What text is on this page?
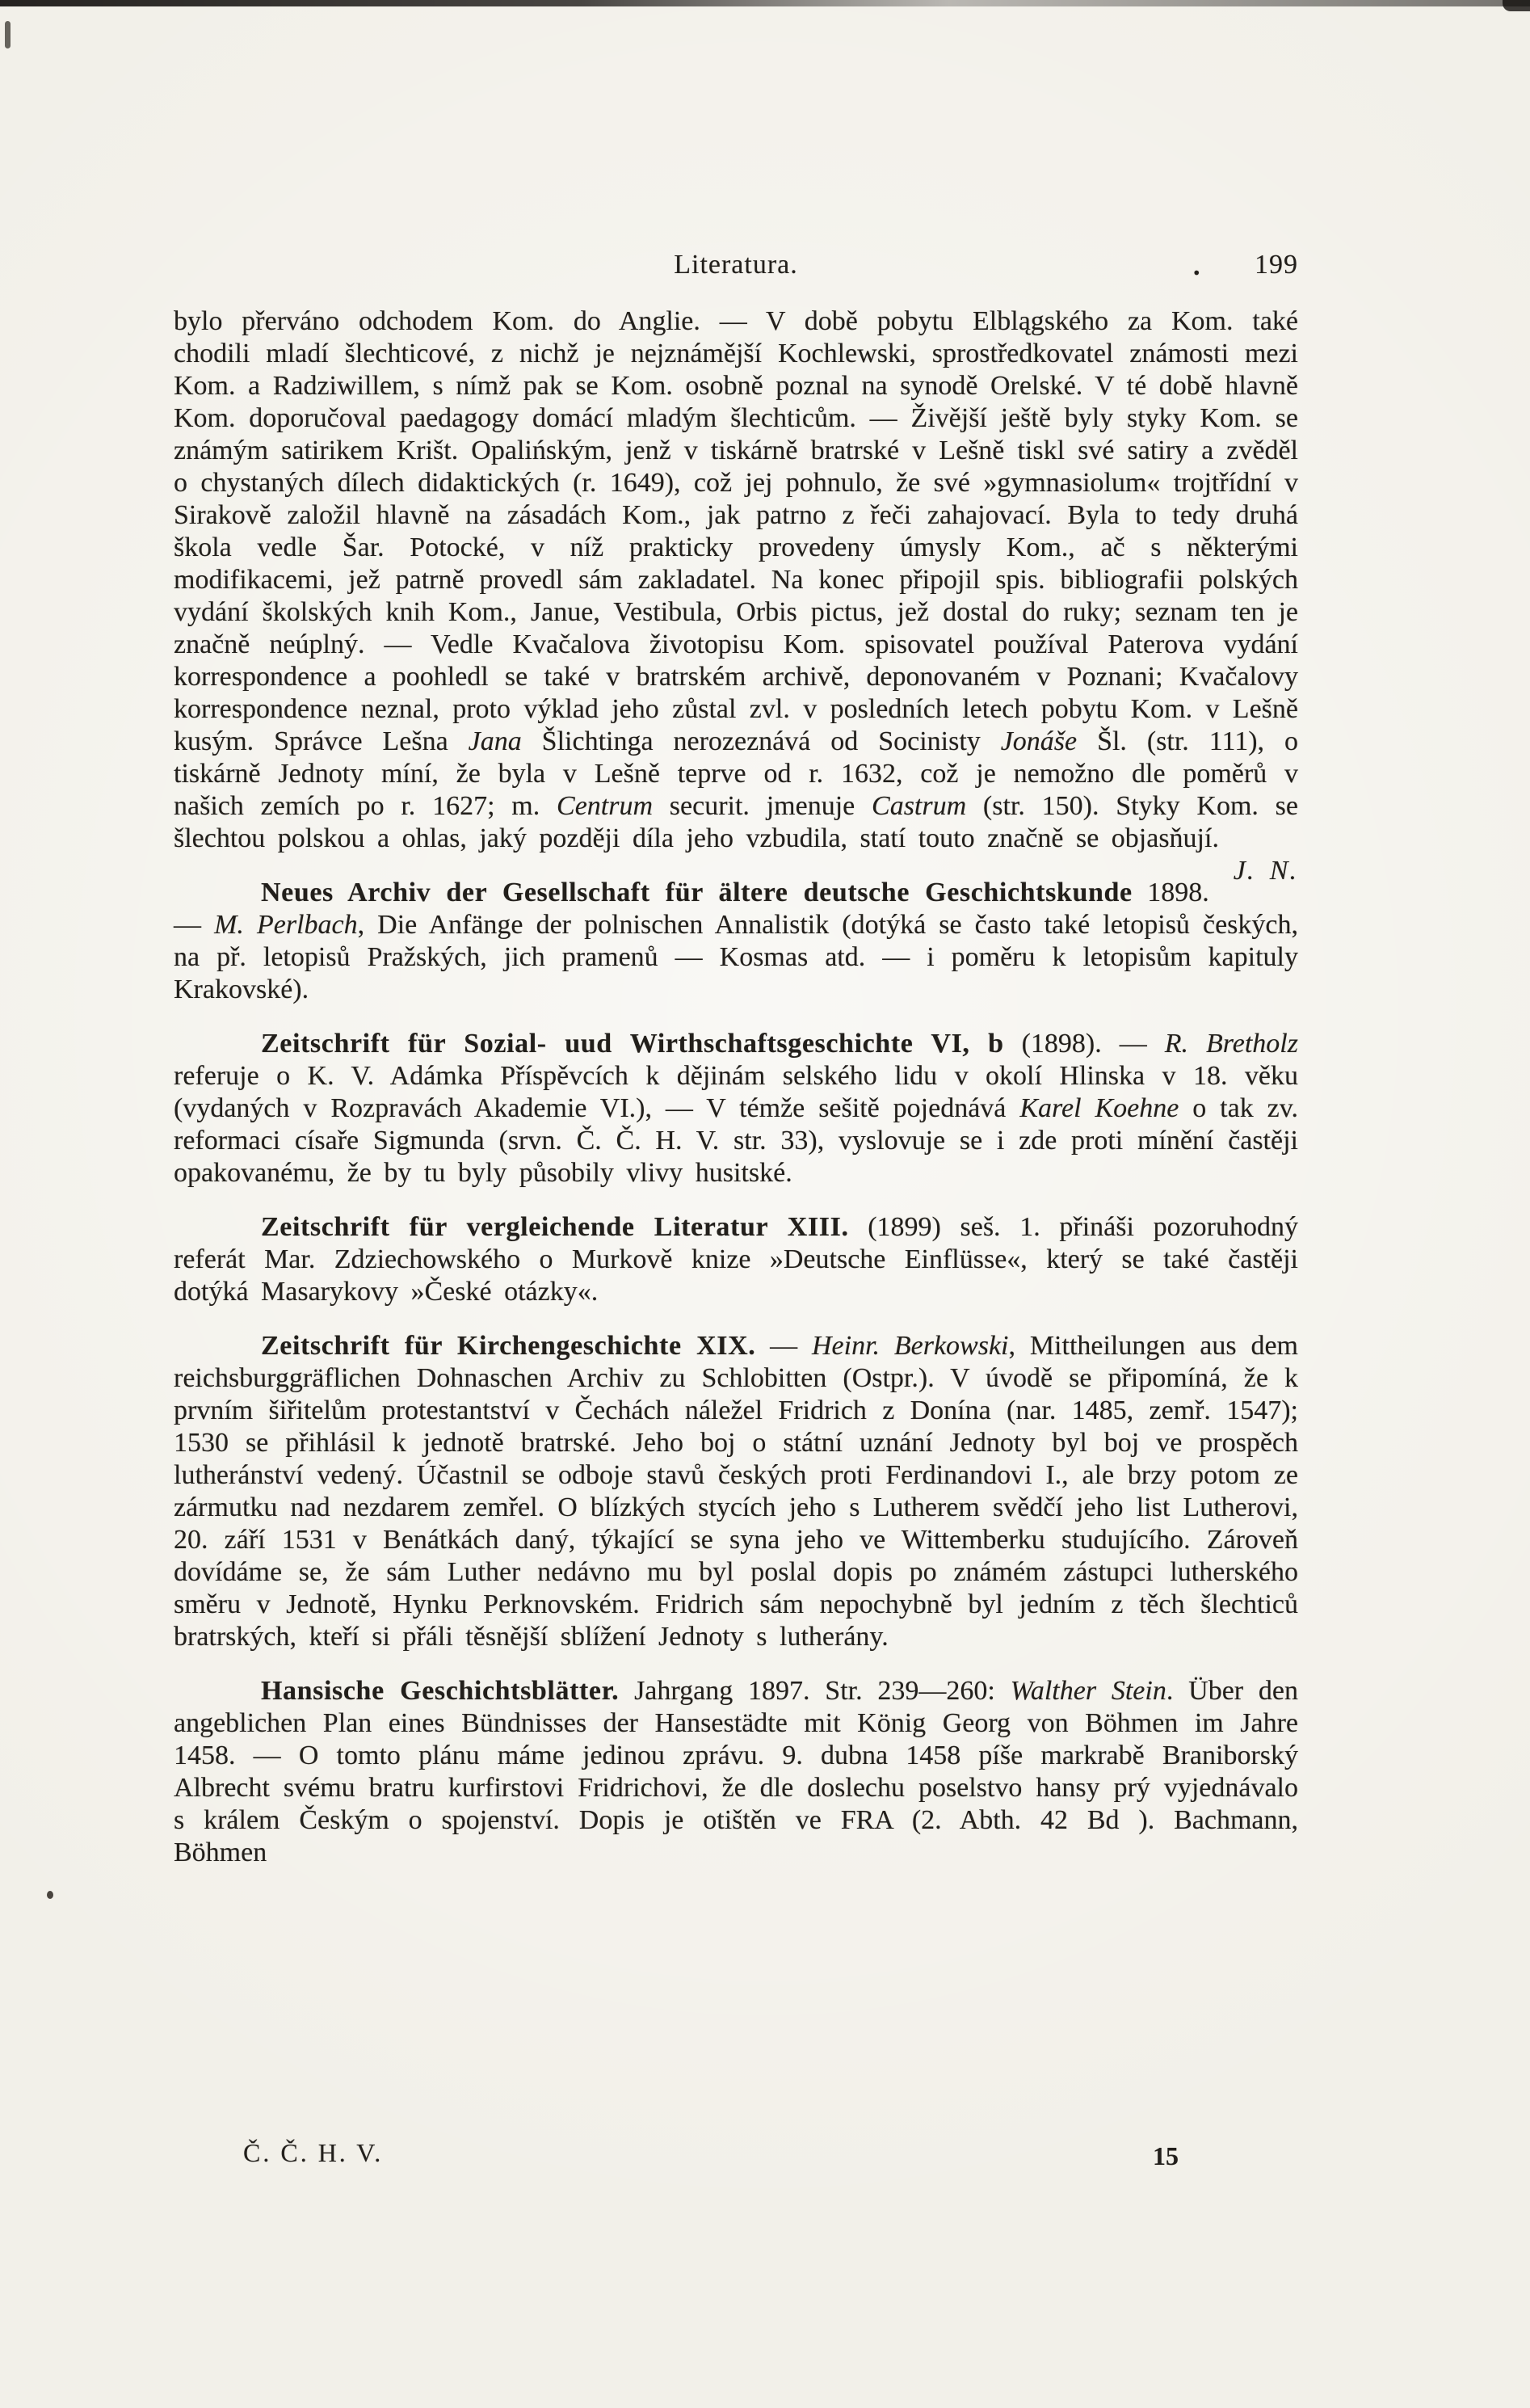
Literatura.	. 199

bylo přerváno odchodem Kom. do Anglie. — V době pobytu Elblągského za Kom. také chodili mladí šlechticové, z nichž je nejznámější Kochlewski, sprostředkovatel známosti mezi Kom. a Radziwillem, s nímž pak se Kom. osobně poznal na synodě Orelské. V té době hlavně Kom. doporučoval paedagogy domácí mladým šlechticům. — Živější ještě byly styky Kom. se známým satirikem Krišt. Opalińským, jenž v tiskárně bratrské v Lešně tiskl své satiry a zvěděl o chystaných dílech didaktických (r. 1649), což jej pohnulo, že své »gymnasiolum« trojtřídní v Sirakově založil hlavně na zásadách Kom., jak patrno z řeči zahajovací. Byla to tedy druhá škola vedle Šar. Potocké, v níž prakticky provedeny úmysly Kom., ač s některými modifikacemi, jež patrně provedl sám zakladatel. Na konec připojil spis. bibliografii polských vydání školských knih Kom., Janue, Vestibula, Orbis pictus, jež dostal do ruky; seznam ten je značně neúplný. — Vedle Kvačalova životopisu Kom. spisovatel používal Paterova vydání korrespondence a poohledl se také v bratrském archivě, deponovaném v Poznani; Kvačalovy korrespondence neznal, proto výklad jeho zůstal zvl. v posledních letech pobytu Kom. v Lešně kusým. Správce Lešna Jana Šlichtinga nerozeznává od Socinisty Jonáše Šl. (str. 111), o tiskárně Jednoty míní, že byla v Lešně teprve od r. 1632, což je nemožno dle poměrů v našich zemích po r. 1627; m. Centrum securit. jmenuje Castrum (str. 150). Styky Kom. se šlechtou polskou a ohlas, jaký později díla jeho vzbudila, statí touto značně se objasňují.
J. N.

Neues Archiv der Gesellschaft für ältere deutsche Geschichtskunde 1898. — M. Perlbach, Die Anfänge der polnischen Annalistik (dotýká se často také letopisů českých, na př. letopisů Pražských, jich pramenů — Kosmas atd. — i poměru k letopisům kapituly Krakovské).

Zeitschrift für Sozial- uud Wirthschaftsgeschichte VI, b (1898). — R. Bretholz referuje o K. V. Adámka Příspěvcích k dějinám selského lidu v okolí Hlinska v 18. věku (vydaných v Rozpravách Akademie VI.), — V témže sešitě pojednává Karel Koehne o tak zv. reformaci císaře Sigmunda (srvn. Č. Č. H. V. str. 33), vyslovuje se i zde proti mínění častěji opakovanému, že by tu byly působily vlivy husitské.

Zeitschrift für vergleichende Literatur XIII. (1899) seš. 1. přináši pozoruhodný referát Mar. Zdziechowského o Murkově knize »Deutsche Einflüsse«, který se také častěji dotýká Masarykovy »České otázky«.

Zeitschrift für Kirchengeschichte XIX. — Heinr. Berkowski, Mittheilungen aus dem reichsburggräflichen Dohnaschen Archiv zu Schlobitten (Ostpr.). V úvodě se připomíná, že k prvním šiřitelům protestantství v Čechách náležel Fridrich z Donína (nar. 1485, zemř. 1547); 1530 se přihlásil k jednotě bratrské. Jeho boj o státní uznání Jednoty byl boj ve prospěch lutheránství vedený. Účastnil se odboje stavů českých proti Ferdinandovi I., ale brzy potom ze zármutku nad nezdarem zemřel. O blízkých stycích jeho s Lutherem svědčí jeho list Lutherovi, 20. září 1531 v Benátkách daný, týkající se syna jeho ve Wittemberku studujícího. Zároveň dovídáme se, že sám Luther nedávno mu byl poslal dopis po známém zástupci lutherského směru v Jednotě, Hynku Perknovském. Fridrich sám nepochybně byl jedním z těch šlechticů bratrských, kteří si přáli těsnější sblížení Jednoty s lutherány.

Hansische Geschichtsblätter. Jahrgang 1897. Str. 239—260: Walther Stein. Über den angeblichen Plan eines Bündnisses der Hansestädte mit König Georg von Böhmen im Jahre 1458. — O tomto plánu máme jedinou zprávu. 9. dubna 1458 píše markrabě Braniborský Albrecht svému bratru kurfirstovi Fridrichovi, že dle doslechu poselstvo hansy prý vyjednávalo s králem Českým o spojenství. Dopis je otištěn ve FRA (2. Abth. 42 Bd ). Bachmann, Böhmen

Č. Č. H. V.	15
